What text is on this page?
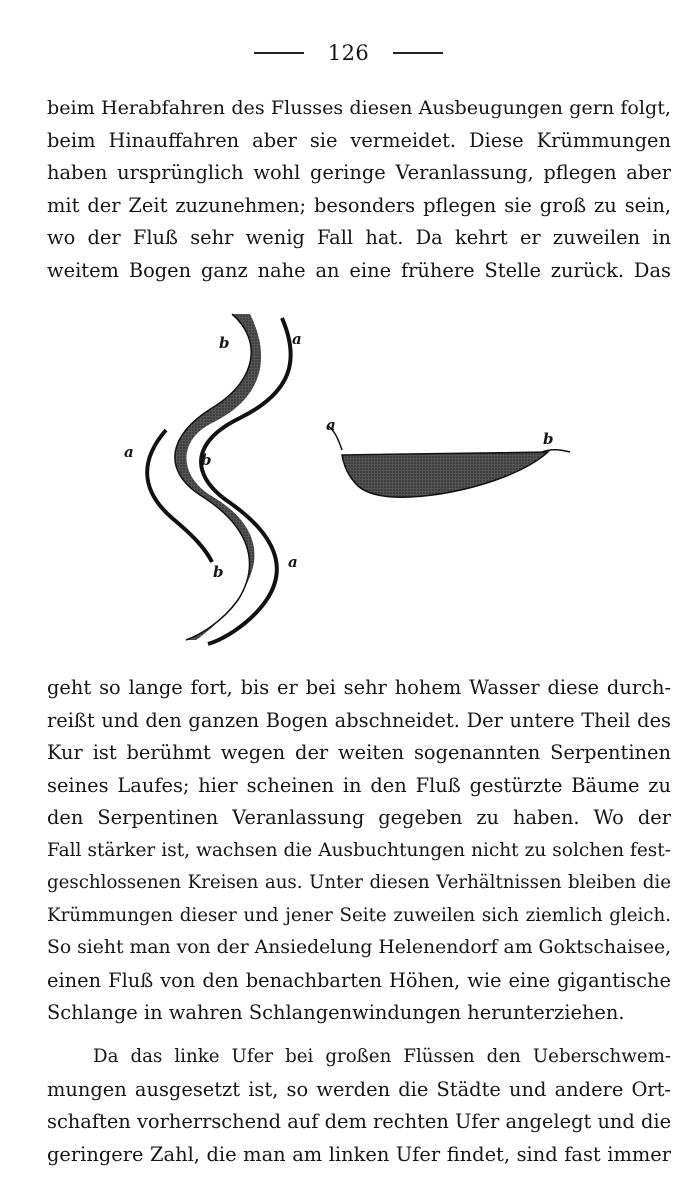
126
beim Herabfahren des Flusses diesen Ausbeugungen gern folgt,
beim Hinauffahren aber sie vermeidet. Diese Krümmungen
haben ursprünglich wohl geringe Veranlassung, pflegen aber
mit der Zeit zuzunehmen; besonders pflegen sie groß zu sein,
wo der Fluß sehr wenig Fall hat. Da kehrt er zuweilen in
weitem Bogen ganz nahe an eine frühere Stelle zurück. Das
a
b
a	b
a
b
a
b
geht so lange fort, bis er bei sehr hohem Wasser diese durch-
reißt und den ganzen Bogen abschneidet. Der untere Theil des
Kur ist berühmt wegen der weiten sogenannten Serpentinen
seines Laufes; hier scheinen in den Fluß gestürzte Bäume zu
den Serpentinen Veranlassung gegeben zu haben. Wo der
Fall stärker ist, wachsen die Ausbuchtungen nicht zu solchen fest-
geschlossenen Kreisen aus. Unter diesen Verhältnissen bleiben die
Krümmungen dieser und jener Seite zuweilen sich ziemlich gleich.
So sieht man von der Ansiedelung Helenendorf am Goktschaisee,
einen Fluß von den benachbarten Höhen, wie eine gigantische
Schlange in wahren Schlangenwindungen herunterziehen.
Da das linke Ufer bei großen Flüssen den Ueberschwem-
mungen ausgesetzt ist, so werden die Städte und andere Ort-
schaften vorherrschend auf dem rechten Ufer angelegt und die
geringere Zahl, die man am linken Ufer findet, sind fast immer
